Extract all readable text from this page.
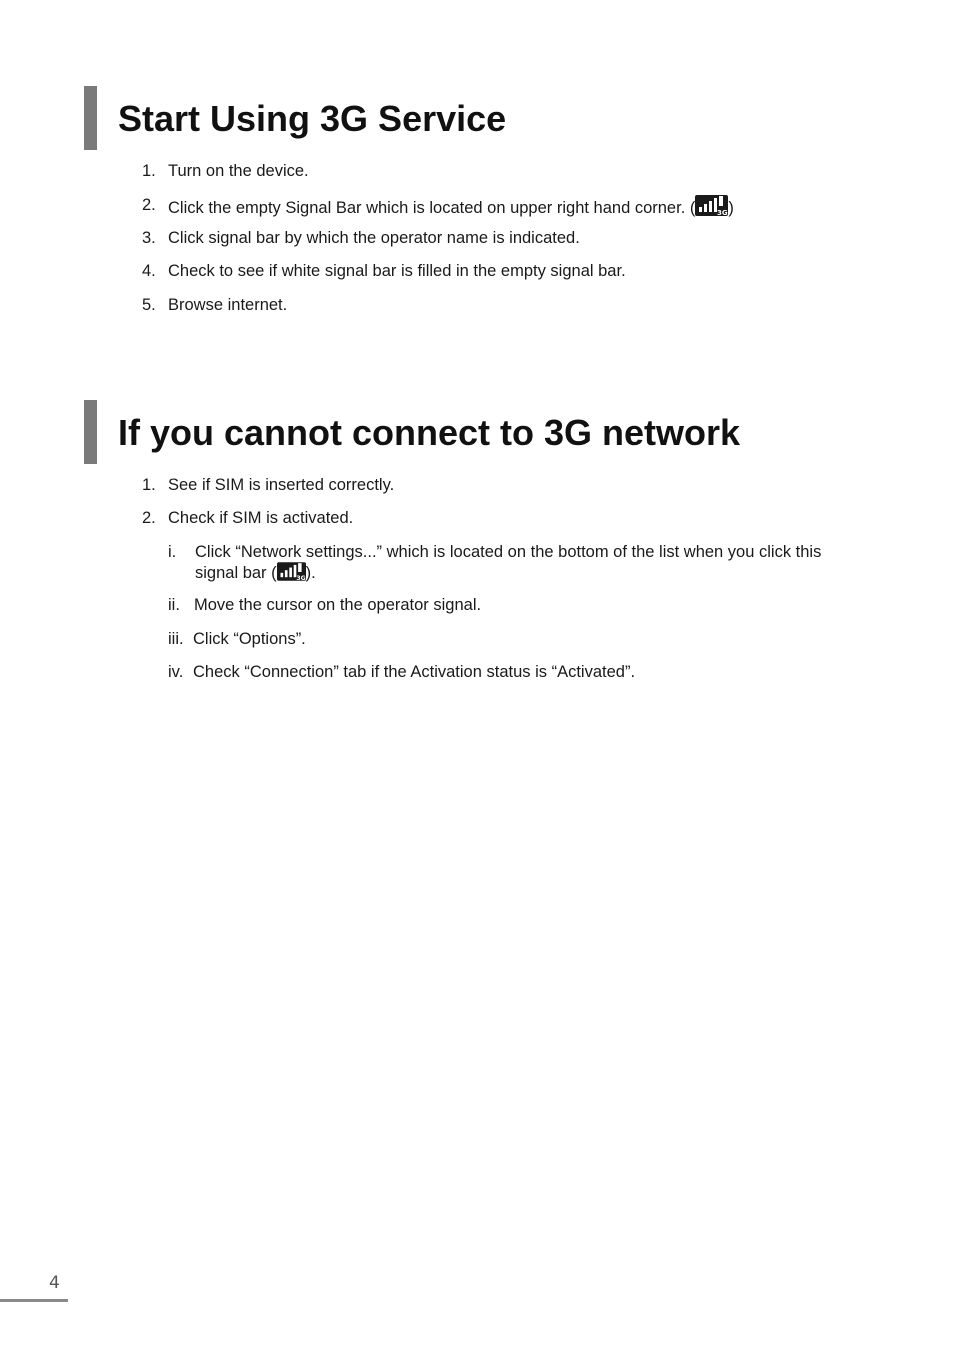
Start Using 3G Service
1. Turn on the device.
2. Click the empty Signal Bar which is located on upper right hand corner. (	3G )
3. Click signal bar by which the operator name is indicated.
4. Check to see if white signal bar is filled in the empty signal bar.
5. Browse internet.
If you cannot connect to 3G network
1. See if SIM is inserted correctly.
2. Check if SIM is activated.
i.	Click “Network settings...” which is located on the bottom of the list when you click this signal bar (	3G ).
ii. Move the cursor on the operator signal.
iii. Click “Options”.
iv. Check “Connection” tab if the Activation status is “Activated”.
4
